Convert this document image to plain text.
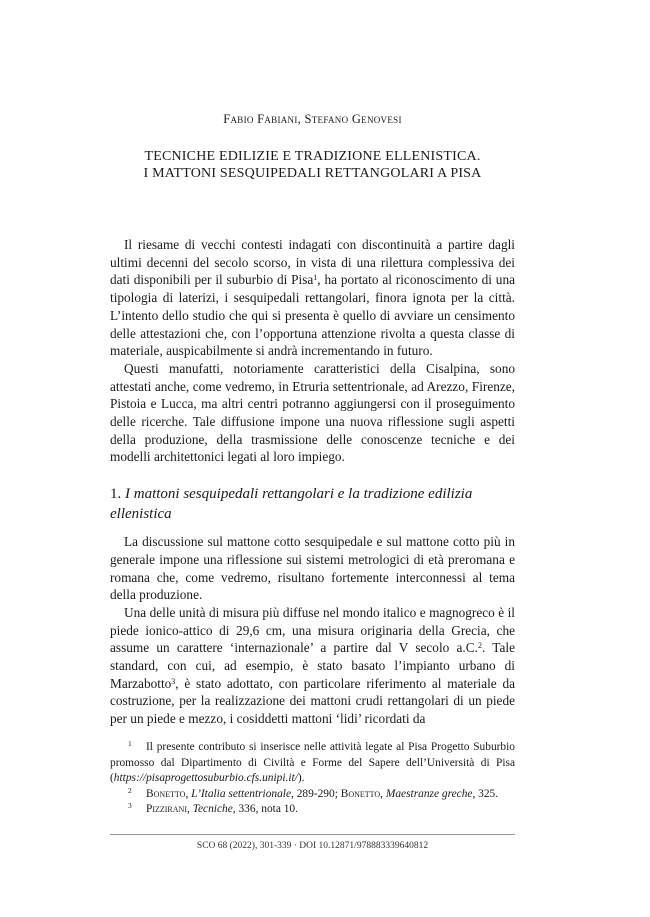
Fabio Fabiani, Stefano Genovesi
TECNICHE EDILIZIE E TRADIZIONE ELLENISTICA.
I MATTONI SESQUIPEDALI RETTANGOLARI A PISA

Il riesame di vecchi contesti indagati con discontinuità a partire dagli ultimi decenni del secolo scorso, in vista di una rilettura complessiva dei dati disponibili per il suburbio di Pisa$^1$, ha portato al riconoscimento di una tipologia di laterizi, i sesquipedali rettangolari, finora ignota per la città. L’intento dello studio che qui si presenta è quello di avviare un censimento delle attestazioni che, con l’opportuna attenzione rivolta a questa classe di materiale, auspicabilmente si andrà incrementando in futuro.

Questi manufatti, notoriamente caratteristici della Cisalpina, sono attestati anche, come vedremo, in Etruria settentrionale, ad Arezzo, Firenze, Pistoia e Lucca, ma altri centri potranno aggiungersi con il proseguimento delle ricerche. Tale diffusione impone una nuova riflessione sugli aspetti della produzione, della trasmissione delle conoscenze tecniche e dei modelli architettonici legati al loro impiego.

1. I mattoni sesquipedali rettangolari e la tradizione edilizia ellenistica

La discussione sul mattone cotto sesquipedale e sul mattone cotto più in generale impone una riflessione sui sistemi metrologici di età preromana e romana che, come vedremo, risultano fortemente interconnessi al tema della produzione.

Una delle unità di misura più diffuse nel mondo italico e magnogreco è il piede ionico-attico di 29,6 cm, una misura originaria della Grecia, che assume un carattere ‘internazionale’ a partire dal V secolo a.C.$^2$. Tale standard, con cui, ad esempio, è stato basato l’impianto urbano di Marzabotto$^3$, è stato adottato, con particolare riferimento al materiale da costruzione, per la realizzazione dei mattoni crudi rettangolari di un piede per un piede e mezzo, i cosiddetti mattoni ‘lidi’ ricordati da

1 Il presente contributo si inserisce nelle attività legate al Pisa Progetto Suburbio promosso dal Dipartimento di Civiltà e Forme del Sapere dell’Università di Pisa (https://pisaprogettosuburbio.cfs.unipi.it/).

2 Bonetto, L’Italia settentrionale, 289-290; Bonetto, Maestranze greche, 325.

3 Pizzirani, Tecniche, 336, nota 10.

SCO 68 (2022), 301-339 · DOI 10.12871/978883339640812
